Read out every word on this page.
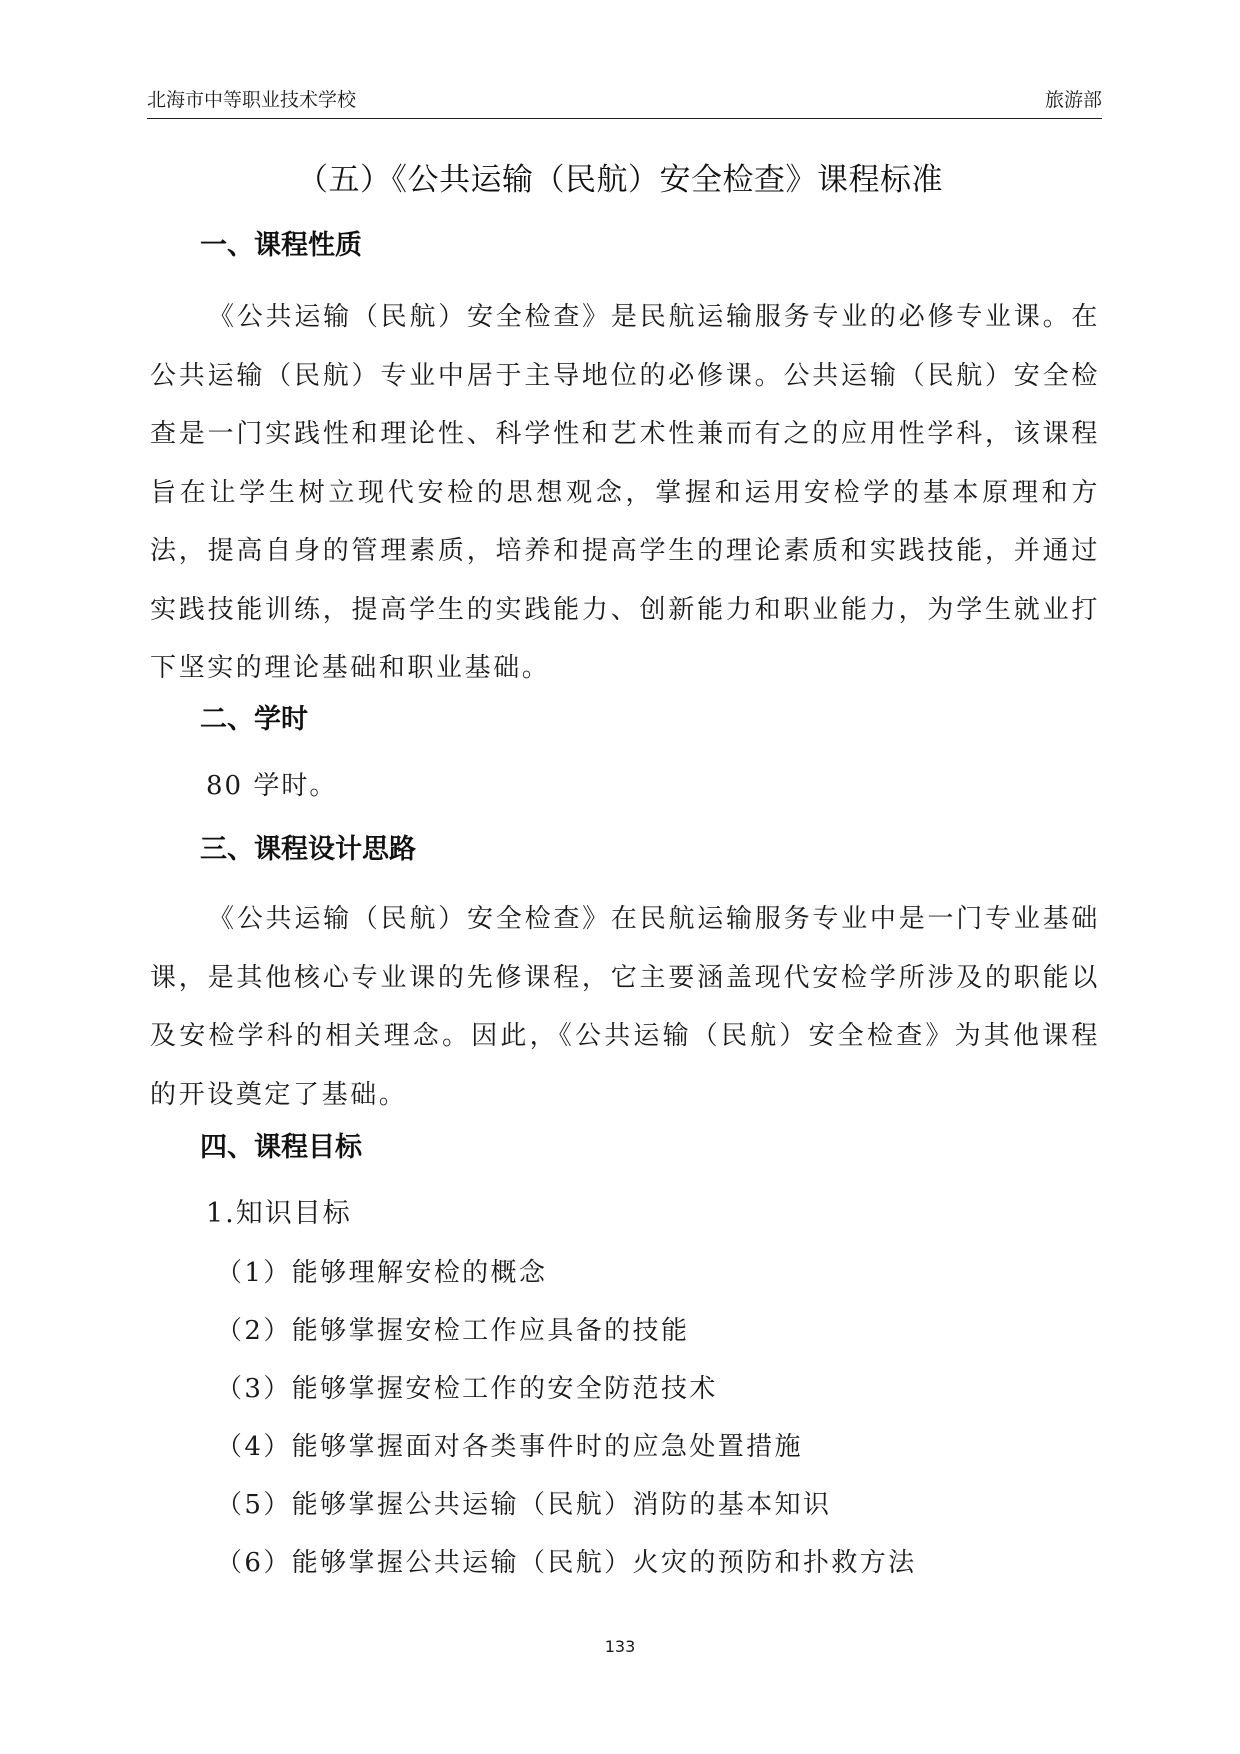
北海市中等职业技术学校	旅游部
（五）《公共运输（民航）安全检查》课程标准
一、课程性质
《公共运输（民航）安全检查》是民航运输服务专业的必修专业课。在公共运输（民航）专业中居于主导地位的必修课。公共运输（民航）安全检查是一门实践性和理论性、科学性和艺术性兼而有之的应用性学科，该课程旨在让学生树立现代安检的思想观念，掌握和运用安检学的基本原理和方法，提高自身的管理素质，培养和提高学生的理论素质和实践技能，并通过实践技能训练，提高学生的实践能力、创新能力和职业能力，为学生就业打下坚实的理论基础和职业基础。
二、学时
80 学时。
三、课程设计思路
《公共运输（民航）安全检查》在民航运输服务专业中是一门专业基础课，是其他核心专业课的先修课程，它主要涵盖现代安检学所涉及的职能以及安检学科的相关理念。因此，《公共运输（民航）安全检查》为其他课程的开设奠定了基础。
四、课程目标
1.知识目标
（1）能够理解安检的概念
（2）能够掌握安检工作应具备的技能
（3）能够掌握安检工作的安全防范技术
（4）能够掌握面对各类事件时的应急处置措施
（5）能够掌握公共运输（民航）消防的基本知识
（6）能够掌握公共运输（民航）火灾的预防和扑救方法
133
